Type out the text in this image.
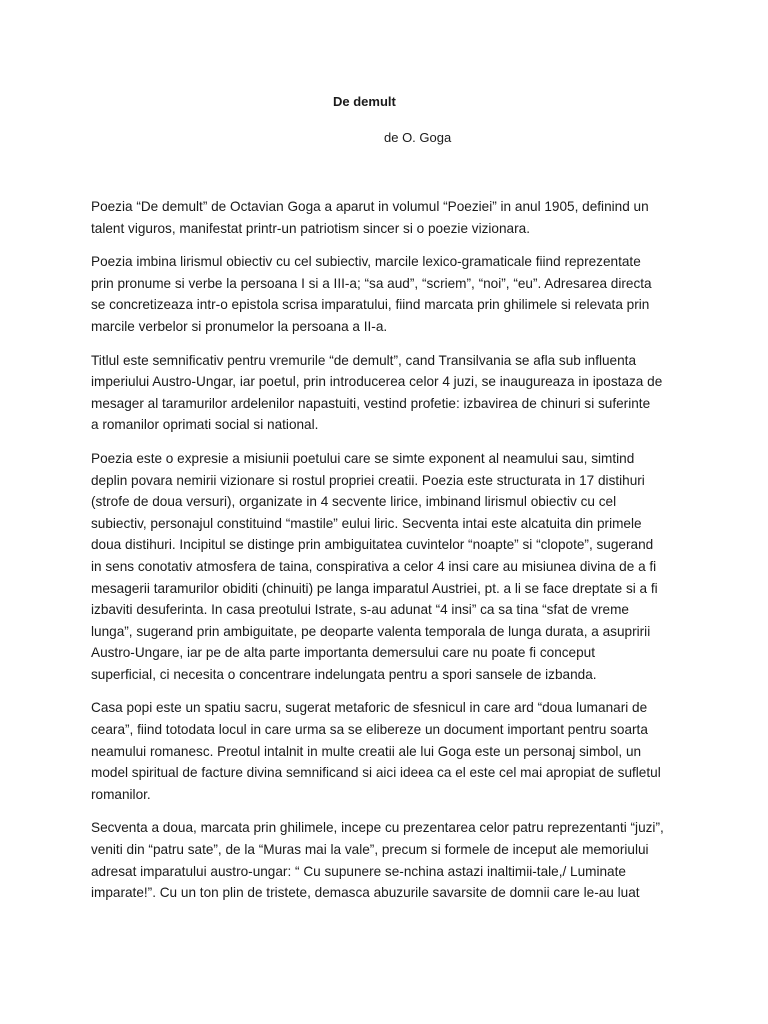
De demult
de O. Goga

Poezia “De demult” de Octavian Goga a aparut in volumul “Poeziei” in anul 1905, definind un
talent viguros, manifestat printr-un patriotism sincer si o poezie vizionara.

Poezia imbina lirismul obiectiv cu cel subiectiv, marcile lexico-gramaticale fiind reprezentate
prin pronume si verbe la persoana I si a III-a; “sa aud”, “scriem”, “noi”, “eu”. Adresarea directa
se concretizeaza intr-o epistola scrisa imparatului, fiind marcata prin ghilimele si relevata prin
marcile verbelor si pronumelor la persoana a II-a.

Titlul este semnificativ pentru vremurile “de demult”, cand Transilvania se afla sub influenta
imperiului Austro-Ungar, iar poetul, prin introducerea celor 4 juzi, se inaugureaza in ipostaza de
mesager al taramurilor ardelenilor napastuiti, vestind profetie: izbavirea de chinuri si suferinte
a romanilor oprimati social si national.

Poezia este o expresie a misiunii poetului care se simte exponent al neamului sau, simtind
deplin povara nemirii vizionare si rostul propriei creatii. Poezia este structurata in 17 distihuri
(strofe de doua versuri), organizate in 4 secvente lirice, imbinand lirismul obiectiv cu cel
subiectiv, personajul constituind “mastile” eului liric. Secventa intai este alcatuita din primele
doua distihuri. Incipitul se distinge prin ambiguitatea cuvintelor “noapte” si “clopote”, sugerand
in sens conotativ atmosfera de taina, conspirativa a celor 4 insi care au misiunea divina de a fi
mesagerii taramurilor obiditi (chinuiti) pe langa imparatul Austriei, pt. a li se face dreptate si a fi
izbaviti desuferinta. In casa preotului Istrate, s-au adunat “4 insi” ca sa tina “sfat de vreme
lunga”, sugerand prin ambiguitate, pe deoparte valenta temporala de lunga durata, a asupririi
Austro-Ungare, iar pe de alta parte importanta demersului care nu poate fi conceput
superficial, ci necesita o concentrare indelungata pentru a spori sansele de izbanda.

Casa popi este un spatiu sacru, sugerat metaforic de sfesnicul in care ard “doua lumanari de
ceara”, fiind totodata locul in care urma sa se elibereze un document important pentru soarta
neamului romanesc. Preotul intalnit in multe creatii ale lui Goga este un personaj simbol, un
model spiritual de facture divina semnificand si aici ideea ca el este cel mai apropiat de sufletul
romanilor.

Secventa a doua, marcata prin ghilimele, incepe cu prezentarea celor patru reprezentanti “juzi”,
veniti din “patru sate”, de la “Muras mai la vale”, precum si formele de inceput ale memoriului
adresat imparatului austro-ungar: “ Cu supunere se-nchina astazi inaltimii-tale,/ Luminate
imparate!”. Cu un ton plin de tristete, demasca abuzurile savarsite de domnii care le-au luat
